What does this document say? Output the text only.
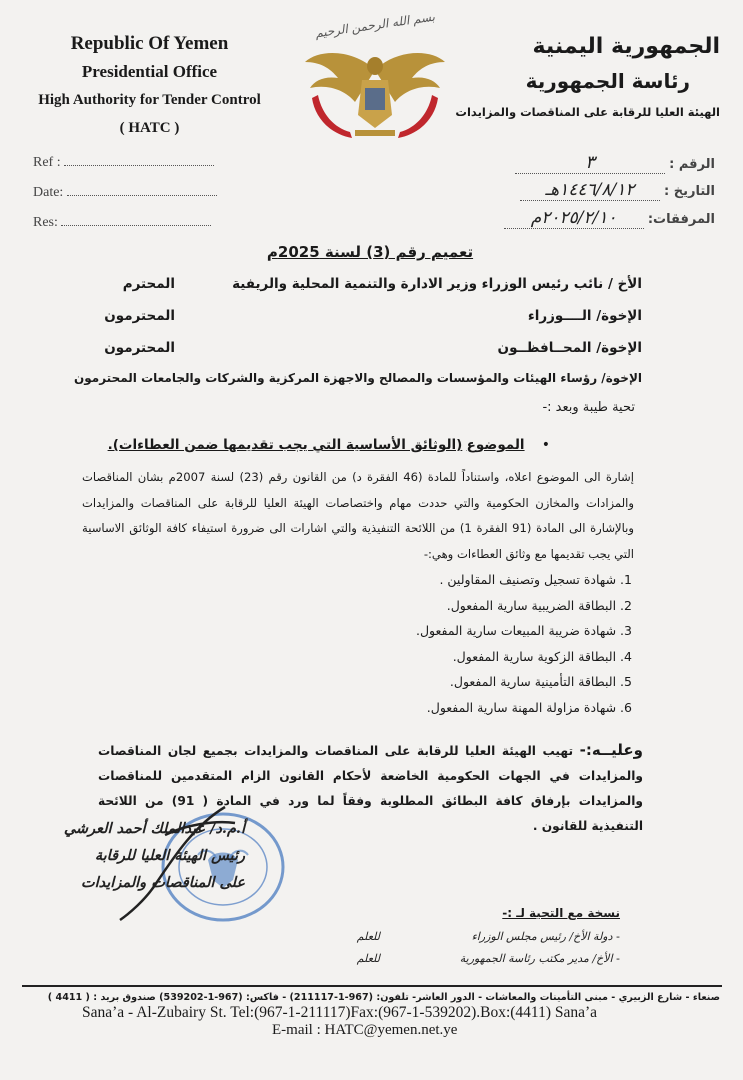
Republic Of Yemen
Presidential Office
High Authority for Tender Control
( HATC )
بسم الله الرحمن الرحيم
الجمهورية اليمنية
رئاسة الجمهورية
الهيئة العليا للرقابة على المناقصات والمزايدات
Ref :
Date:
Res:
الرقم : ٣
التاريخ : ١٤٤٦/٨/١٢هـ
المرفقات: ٢٠٢٥/٢/١٠م
تعميم رقم (3) لسنة 2025م
الأخ / نائب رئيس الوزراء وزير الادارة والتنمية المحلية والريفية
المحترم
الإخوة/ الــــوزراء
المحترمون
الإخوة/ المحــافظــون
المحترمون
الإخوة/ رؤساء الهيئات والمؤسسات والمصالح والاجهزة المركزية والشركات والجامعات المحترمون
تحية طيبة وبعد :-
•    الموضوع (الوثائق الأساسية التي يجب تقديمها ضمن العطاءات).
إشارة الى الموضوع اعلاه، واستناداً للمادة (46 الفقرة د) من القانون رقم (23) لسنة 2007م بشان المناقصات والمزادات والمخازن الحكومية والتي حددت مهام واختصاصات الهيئة العليا للرقابة على المناقصات والمزايدات وبالإشارة الى المادة (91 الفقرة 1) من اللائحة التنفيذية والتي اشارات الى ضرورة استيفاء كافة الوثائق الاساسية التي يجب تقديمها مع وثائق العطاءات وهي:-
1. شهادة تسجيل وتصنيف المقاولين .
2. البطاقة الضريبية سارية المفعول.
3. شهادة ضريبة المبيعات سارية المفعول.
4. البطاقة الزكوية سارية المفعول.
5. البطاقة التأمينية سارية المفعول.
6. شهادة مزاولة المهنة سارية المفعول.
وعليــه:- تهيب الهيئة العليا للرقابة على المناقصات والمزايدات بجميع لجان المناقصات والمزايدات في الجهات الحكومية الخاضعة لأحكام القانون الزام المتقدمين للمناقصات والمزايدات بإرفاق كافة البطائق المطلوبة وفقاً لما ورد في المادة ( 91) من اللائحة التنفيذية للقانون .
أ.م.د/ عبدالملك أحمد العرشي
رئيس الهيئة العليا للرقابة
على المناقصات والمزايدات
نسخة مع التحية لـ :-
- دولة الأخ/ رئيس مجلس الوزراء
للعلم
- الأخ/ مدير مكتب رئاسة الجمهورية
للعلم
صنعاء - شارع الزبيري - مبنى التأمينات والمعاشات - الدور العاشر- تلفون: (967-1-211117) - فاكس: (967-1-539202) صندوق بريد : ( 4411 )
Sana’a - Al-Zubairy St. Tel:(967-1-211117)Fax:(967-1-539202).Box:(4411) Sana’a
E-mail : HATC@yemen.net.ye
